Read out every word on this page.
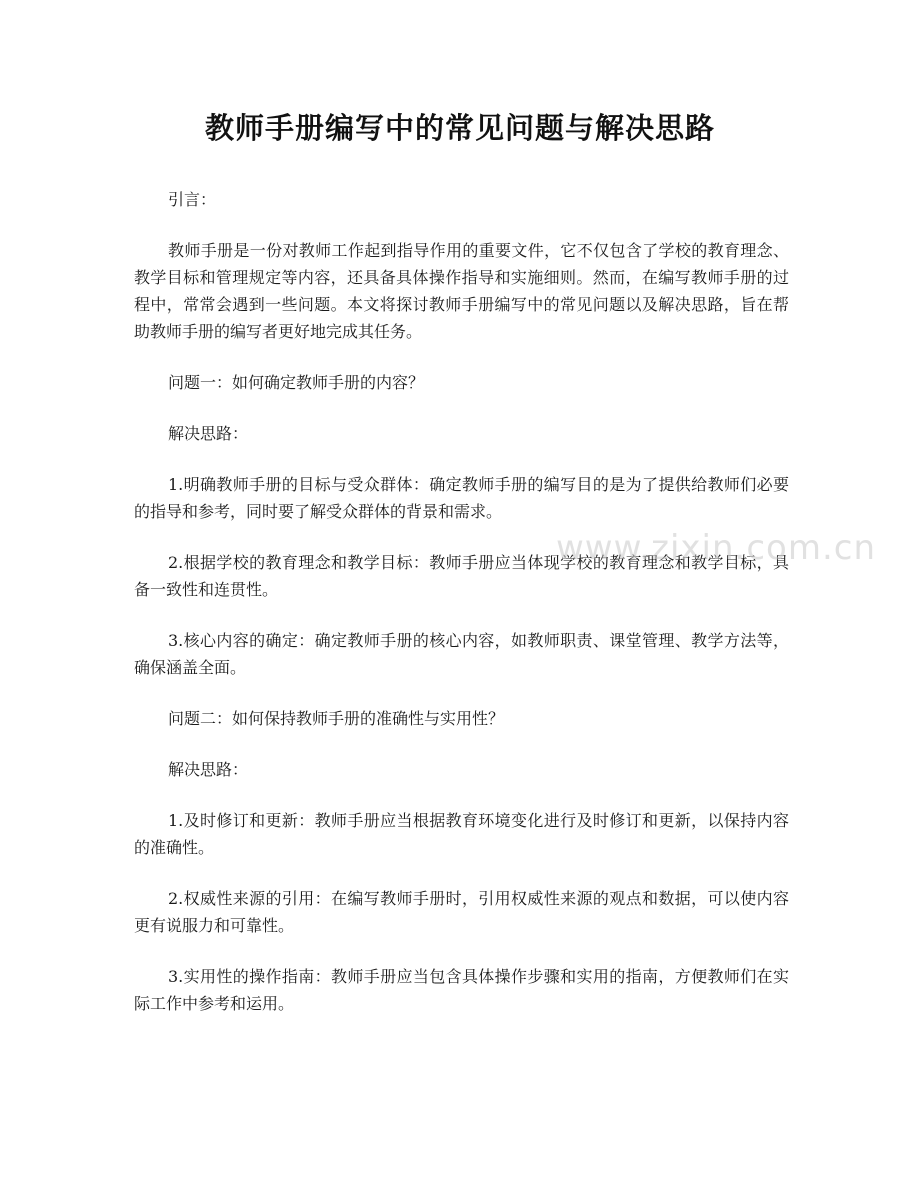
教师手册编写中的常见问题与解决思路

引言：

教师手册是一份对教师工作起到指导作用的重要文件，它不仅包含了学校的教育理念、教学目标和管理规定等内容，还具备具体操作指导和实施细则。然而，在编写教师手册的过程中，常常会遇到一些问题。本文将探讨教师手册编写中的常见问题以及解决思路，旨在帮助教师手册的编写者更好地完成其任务。

问题一：如何确定教师手册的内容？

解决思路：

1.明确教师手册的目标与受众群体：确定教师手册的编写目的是为了提供给教师们必要的指导和参考，同时要了解受众群体的背景和需求。

2.根据学校的教育理念和教学目标：教师手册应当体现学校的教育理念和教学目标，具备一致性和连贯性。

3.核心内容的确定：确定教师手册的核心内容，如教师职责、课堂管理、教学方法等，确保涵盖全面。

问题二：如何保持教师手册的准确性与实用性？

解决思路：

1.及时修订和更新：教师手册应当根据教育环境变化进行及时修订和更新，以保持内容的准确性。

2.权威性来源的引用：在编写教师手册时，引用权威性来源的观点和数据，可以使内容更有说服力和可靠性。

3.实用性的操作指南：教师手册应当包含具体操作步骤和实用的指南，方便教师们在实际工作中参考和运用。

www.zixin.com.cn
